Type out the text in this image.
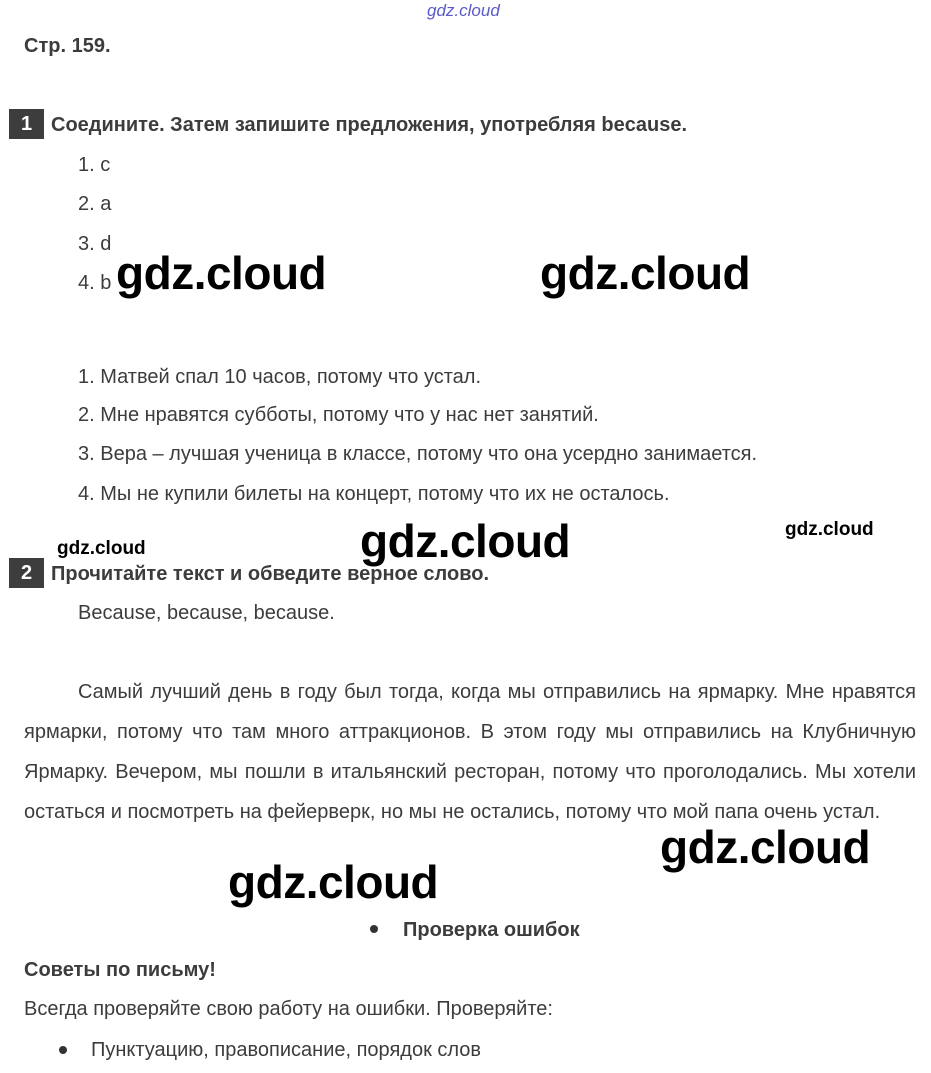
gdz.cloud
Стр. 159.
1 Соедините. Затем запишите предложения, употребляя because.
1. c
2. a
3. d
4. b
1. Матвей спал 10 часов, потому что устал.
2. Мне нравятся субботы, потому что у нас нет занятий.
3. Вера – лучшая ученица в классе, потому что она усердно занимается.
4. Мы не купили билеты на концерт, потому что их не осталось.
2 Прочитайте текст и обведите верное слово.
Because, because, because.
Самый лучший день в году был тогда, когда мы отправились на ярмарку. Мне нравятся ярмарки, потому что там много аттракционов. В этом году мы отправились на Клубничную Ярмарку. Вечером, мы пошли в итальянский ресторан, потому что проголодались. Мы хотели остаться и посмотреть на фейерверк, но мы не остались, потому что мой папа очень устал.
Проверка ошибок
Советы по письму!
Всегда проверяйте свою работу на ошибки. Проверяйте:
Пунктуацию, правописание, порядок слов
gdz.cloud	gdz.cloud
gdz.cloud
gdz.cloud
gdz.cloud
gdz.cloud
gdz.cloud
